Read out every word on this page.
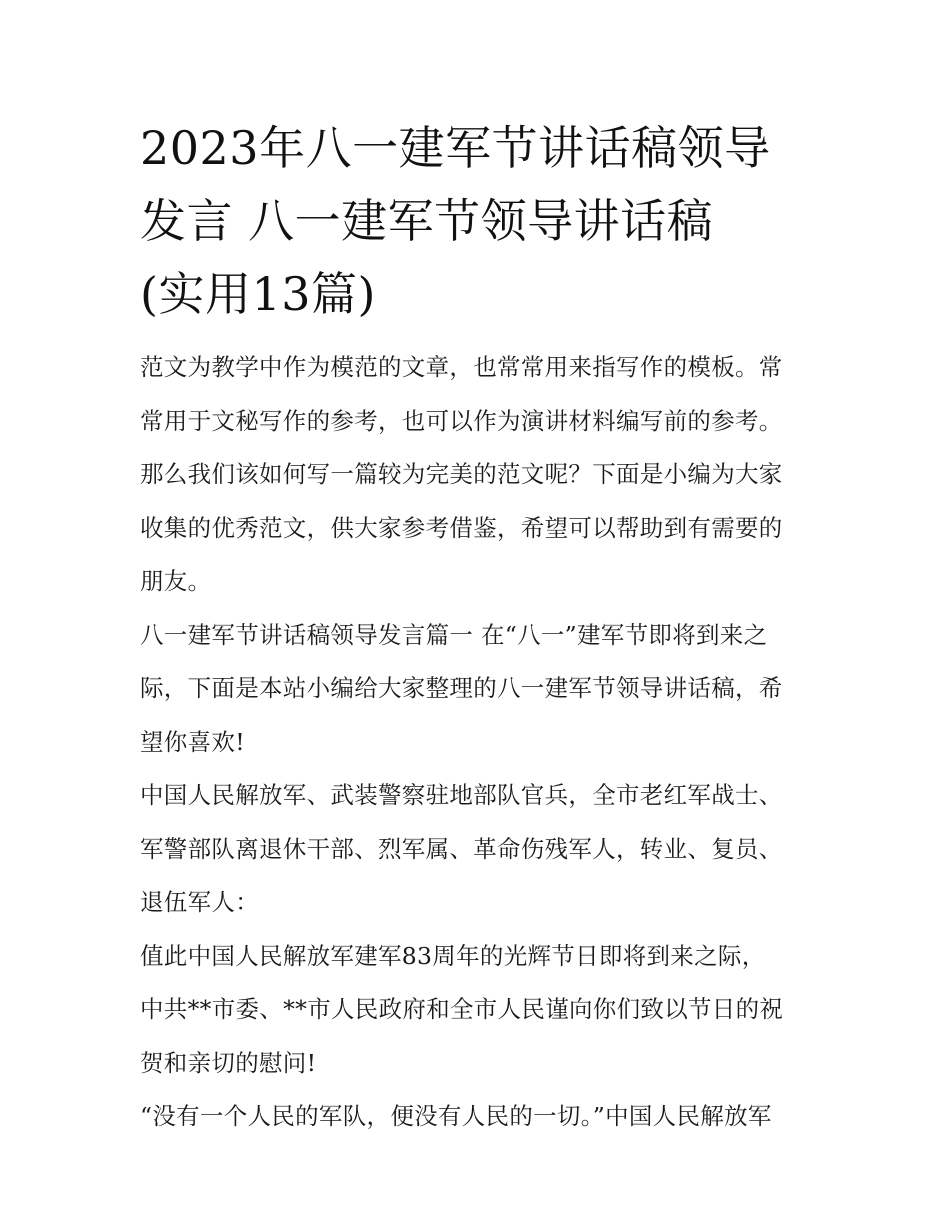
2023年八一建军节讲话稿领导
发言 八一建军节领导讲话稿
(实用13篇)

范文为教学中作为模范的文章，也常常用来指写作的模板。常

常用于文秘写作的参考，也可以作为演讲材料编写前的参考。

那么我们该如何写一篇较为完美的范文呢？下面是小编为大家

收集的优秀范文，供大家参考借鉴，希望可以帮助到有需要的

朋友。

八一建军节讲话稿领导发言篇一 在“八一”建军节即将到来之

际，下面是本站小编给大家整理的八一建军节领导讲话稿，希

望你喜欢!

中国人民解放军、武装警察驻地部队官兵，全市老红军战士、

军警部队离退休干部、烈军属、革命伤残军人，转业、复员、

退伍军人：

值此中国人民解放军建军83周年的光辉节日即将到来之际，

中共**市委、**市人民政府和全市人民谨向你们致以节日的祝

贺和亲切的慰问!

“没有一个人民的军队，便没有人民的一切。”中国人民解放军
